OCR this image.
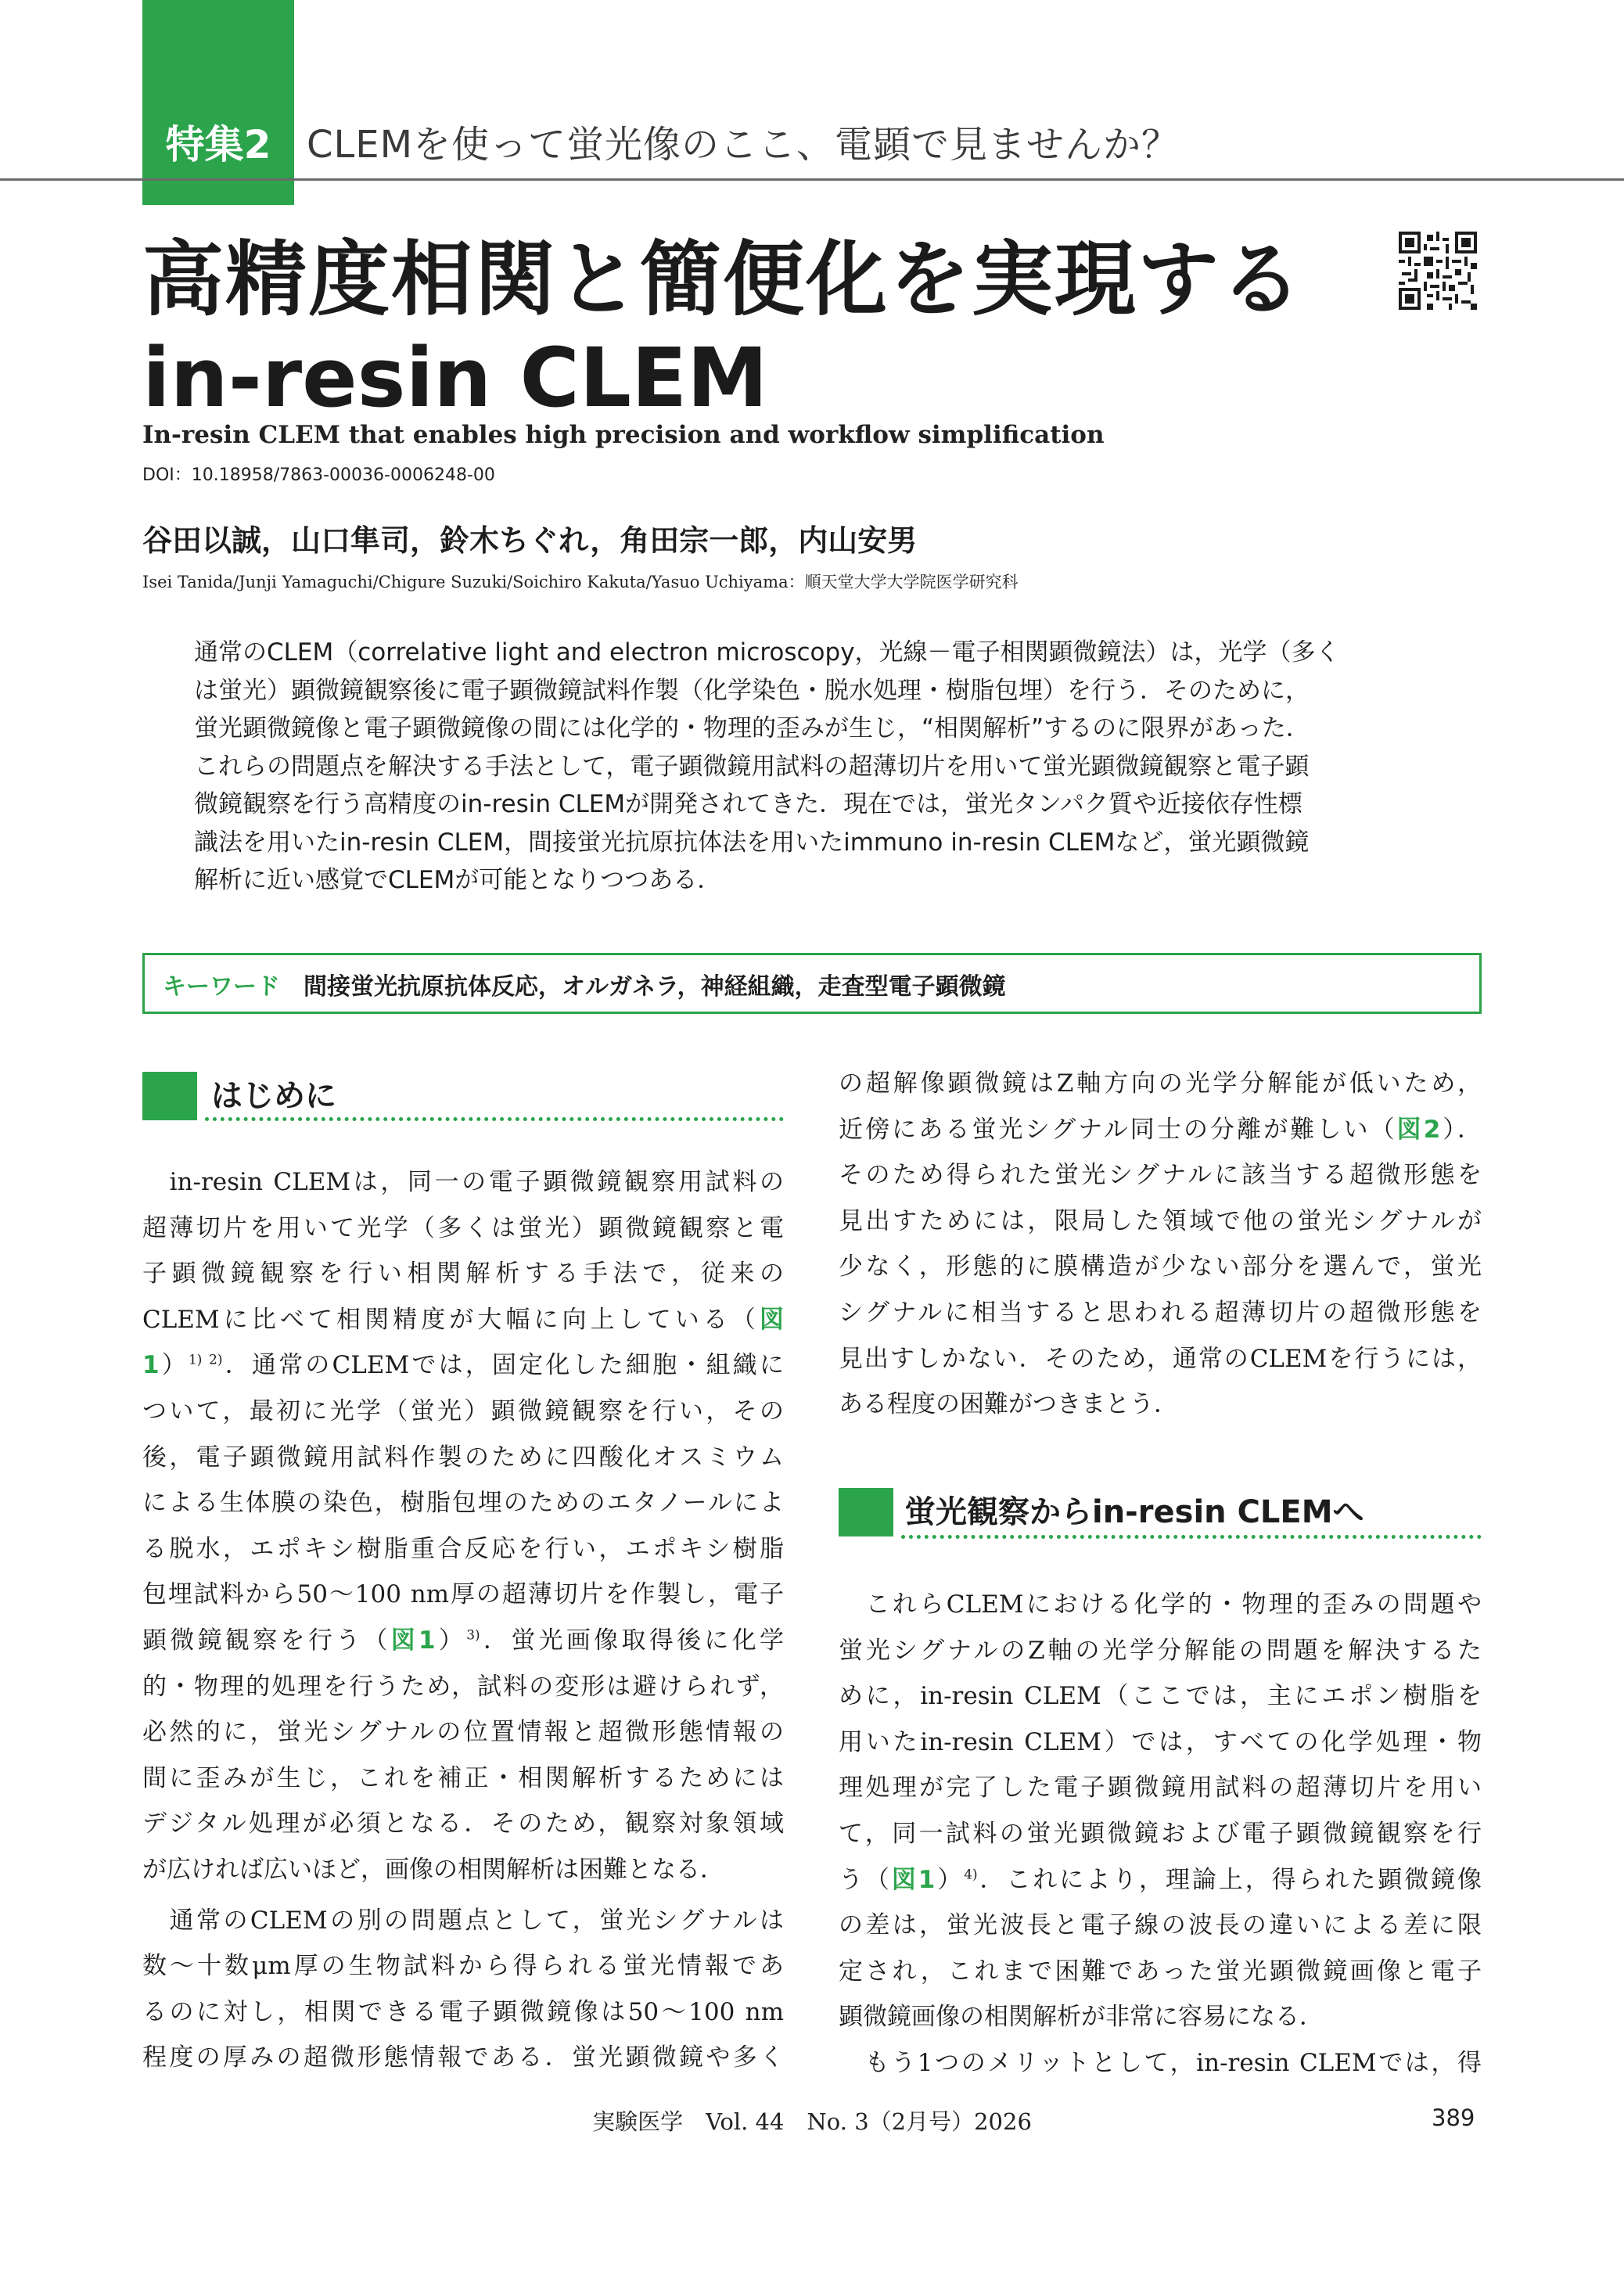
特集2 CLEMを使って蛍光像のここ、電顕で見ませんか？
高精度相関と簡便化を実現する
in-resin CLEM
In-resin CLEM that enables high precision and workflow simplification
DOI：10.18958/7863-00036-0006248-00
谷田以誠，山口隼司，鈴木ちぐれ，角田宗一郎，内山安男
Isei Tanida/Junji Yamaguchi/Chigure Suzuki/Soichiro Kakuta/Yasuo Uchiyama：順天堂大学大学院医学研究科
通常のCLEM（correlative light and electron microscopy，光線－電子相関顕微鏡法）は，光学（多く
は蛍光）顕微鏡観察後に電子顕微鏡試料作製（化学染色・脱水処理・樹脂包埋）を行う．そのために，
蛍光顕微鏡像と電子顕微鏡像の間には化学的・物理的歪みが生じ，“相関解析”するのに限界があった．
これらの問題点を解決する手法として，電子顕微鏡用試料の超薄切片を用いて蛍光顕微鏡観察と電子顕
微鏡観察を行う高精度のin-resin CLEMが開発されてきた．現在では，蛍光タンパク質や近接依存性標
識法を用いたin-resin CLEM，間接蛍光抗原抗体法を用いたimmuno in-resin CLEMなど，蛍光顕微鏡
解析に近い感覚でCLEMが可能となりつつある．
キーワード 間接蛍光抗原抗体反応，オルガネラ，神経組織，走査型電子顕微鏡
はじめに
　in-resin CLEMは，同一の電子顕微鏡観察用試料の
超薄切片を用いて光学（多くは蛍光）顕微鏡観察と電
子顕微鏡観察を行い相関解析する手法で，従来の
CLEMに比べて相関精度が大幅に向上している（図
1）$^{1) 2)}$．通常のCLEMでは，固定化した細胞・組織に
ついて，最初に光学（蛍光）顕微鏡観察を行い，その
後，電子顕微鏡用試料作製のために四酸化オスミウム
による生体膜の染色，樹脂包埋のためのエタノールによ
る脱水，エポキシ樹脂重合反応を行い，エポキシ樹脂
包埋試料から50～100 nm厚の超薄切片を作製し，電子
顕微鏡観察を行う（図1）$^{3)}$．蛍光画像取得後に化学
的・物理的処理を行うため，試料の変形は避けられず，
必然的に，蛍光シグナルの位置情報と超微形態情報の
間に歪みが生じ，これを補正・相関解析するためには
デジタル処理が必須となる．そのため，観察対象領域
が広ければ広いほど，画像の相関解析は困難となる．
　通常のCLEMの別の問題点として，蛍光シグナルは
数～十数μm厚の生物試料から得られる蛍光情報であ
るのに対し，相関できる電子顕微鏡像は50～100 nm
程度の厚みの超微形態情報である．蛍光顕微鏡や多く
の超解像顕微鏡はZ軸方向の光学分解能が低いため，
近傍にある蛍光シグナル同士の分離が難しい（図2）．
そのため得られた蛍光シグナルに該当する超微形態を
見出すためには，限局した領域で他の蛍光シグナルが
少なく，形態的に膜構造が少ない部分を選んで，蛍光
シグナルに相当すると思われる超薄切片の超微形態を
見出すしかない．そのため，通常のCLEMを行うには，
ある程度の困難がつきまとう．
蛍光観察からin-resin CLEMへ
　これらCLEMにおける化学的・物理的歪みの問題や
蛍光シグナルのZ軸の光学分解能の問題を解決するた
めに，in-resin CLEM（ここでは，主にエポン樹脂を
用いたin-resin CLEM）では，すべての化学処理・物
理処理が完了した電子顕微鏡用試料の超薄切片を用い
て，同一試料の蛍光顕微鏡および電子顕微鏡観察を行
う（図1）$^{4)}$．これにより，理論上，得られた顕微鏡像
の差は，蛍光波長と電子線の波長の違いによる差に限
定され，これまで困難であった蛍光顕微鏡画像と電子
顕微鏡画像の相関解析が非常に容易になる．
　もう1つのメリットとして，in-resin CLEMでは，得
実験医学　Vol. 44　No. 3（2月号）2026	389
